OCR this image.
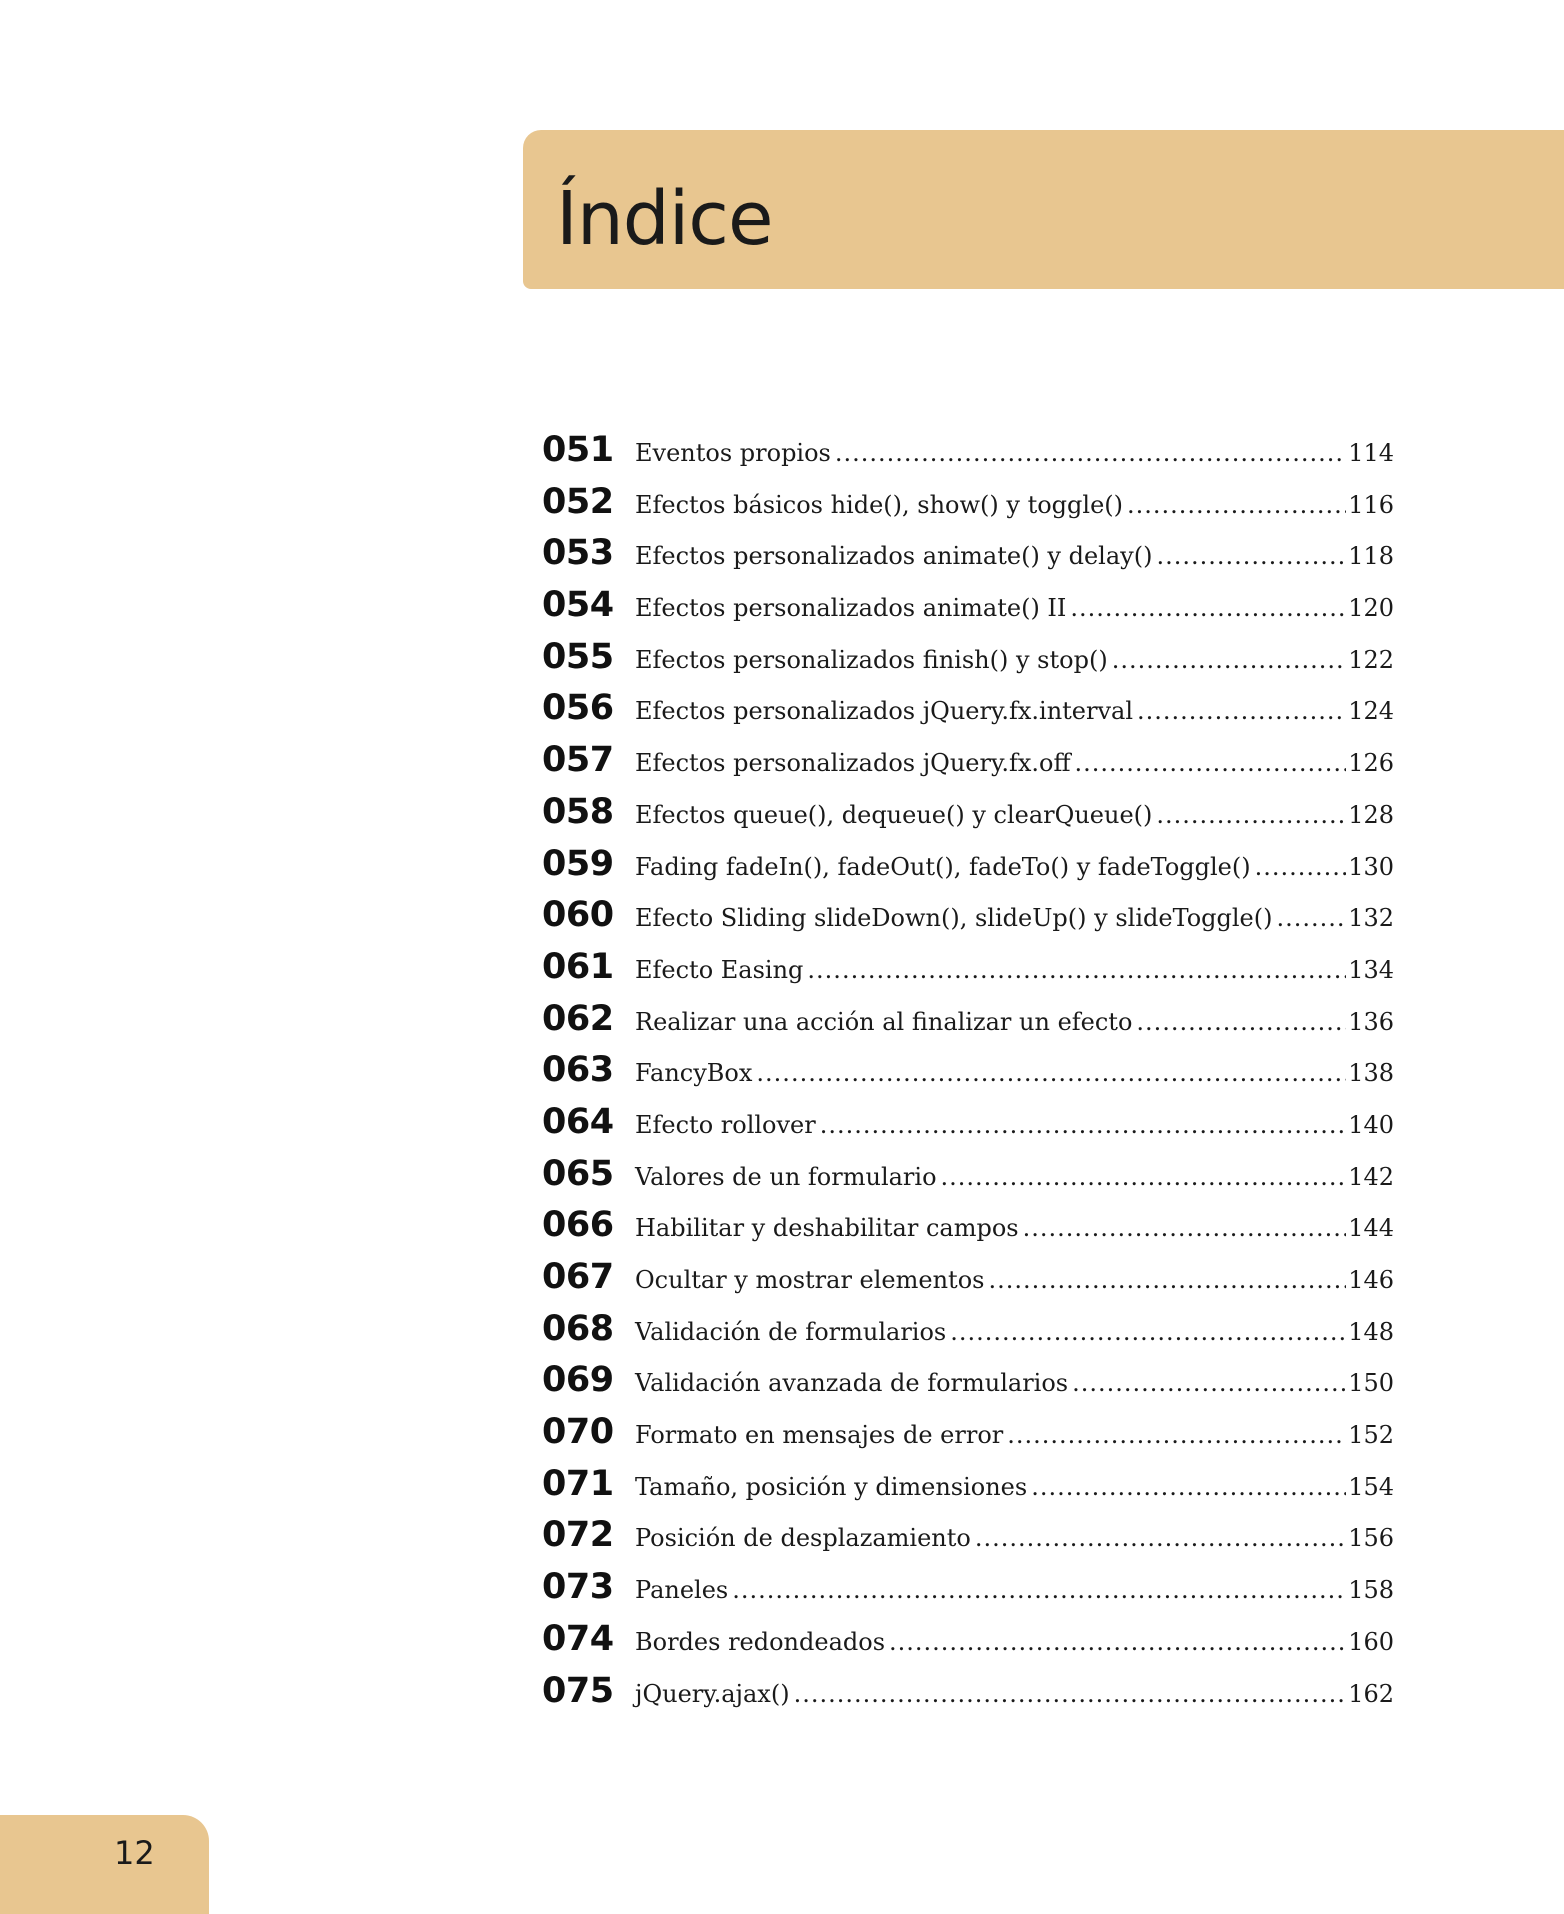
Índice
051 Eventos propios .....	114
052 Efectos básicos hide(), show() y toggle() .....	116
053 Efectos personalizados animate() y delay() .....	118
054 Efectos personalizados animate() II .....	120
055 Efectos personalizados finish() y stop() .....	122
056 Efectos personalizados jQuery.fx.interval .....	124
057 Efectos personalizados jQuery.fx.off .....	126
058 Efectos queue(), dequeue() y clearQueue() .....	128
059 Fading fadeIn(), fadeOut(), fadeTo() y fadeToggle() .....	130
060 Efecto Sliding slideDown(), slideUp() y slideToggle() .....	132
061 Efecto Easing .....	134
062 Realizar una acción al finalizar un efecto .....	136
063 FancyBox .....	138
064 Efecto rollover .....	140
065 Valores de un formulario .....	142
066 Habilitar y deshabilitar campos .....	144
067 Ocultar y mostrar elementos .....	146
068 Validación de formularios .....	148
069 Validación avanzada de formularios .....	150
070 Formato en mensajes de error .....	152
071 Tamaño, posición y dimensiones .....	154
072 Posición de desplazamiento .....	156
073 Paneles .....	158
074 Bordes redondeados .....	160
075 jQuery.ajax() .....	162
12
